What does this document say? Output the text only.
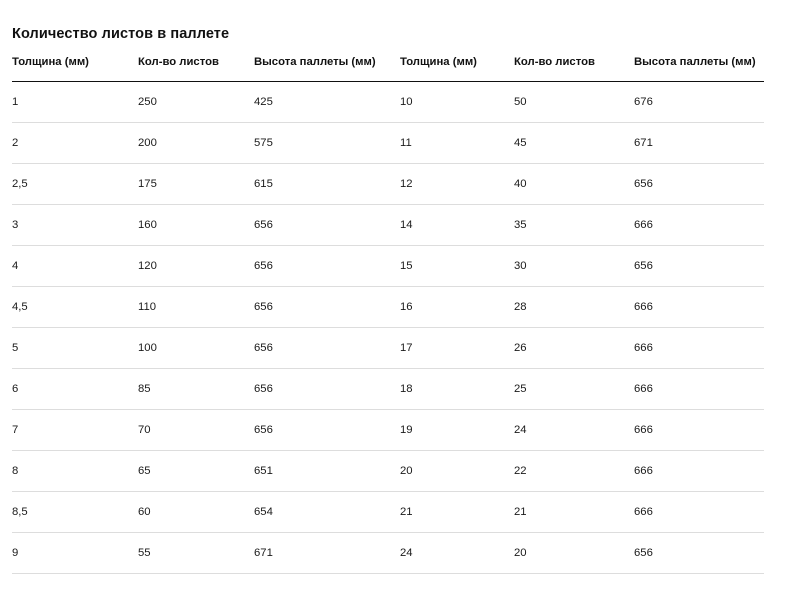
Количество листов в паллете
Толщина (мм)	Кол-во листов	Высота паллеты (мм)	Толщина (мм)	Кол-во листов	Высота паллеты (мм)
1	250	425	10	50	676
2	200	575	11	45	671
2,5	175	615	12	40	656
3	160	656	14	35	666
4	120	656	15	30	656
4,5	110	656	16	28	666
5	100	656	17	26	666
6	85	656	18	25	666
7	70	656	19	24	666
8	65	651	20	22	666
8,5	60	654	21	21	666
9	55	671	24	20	656
